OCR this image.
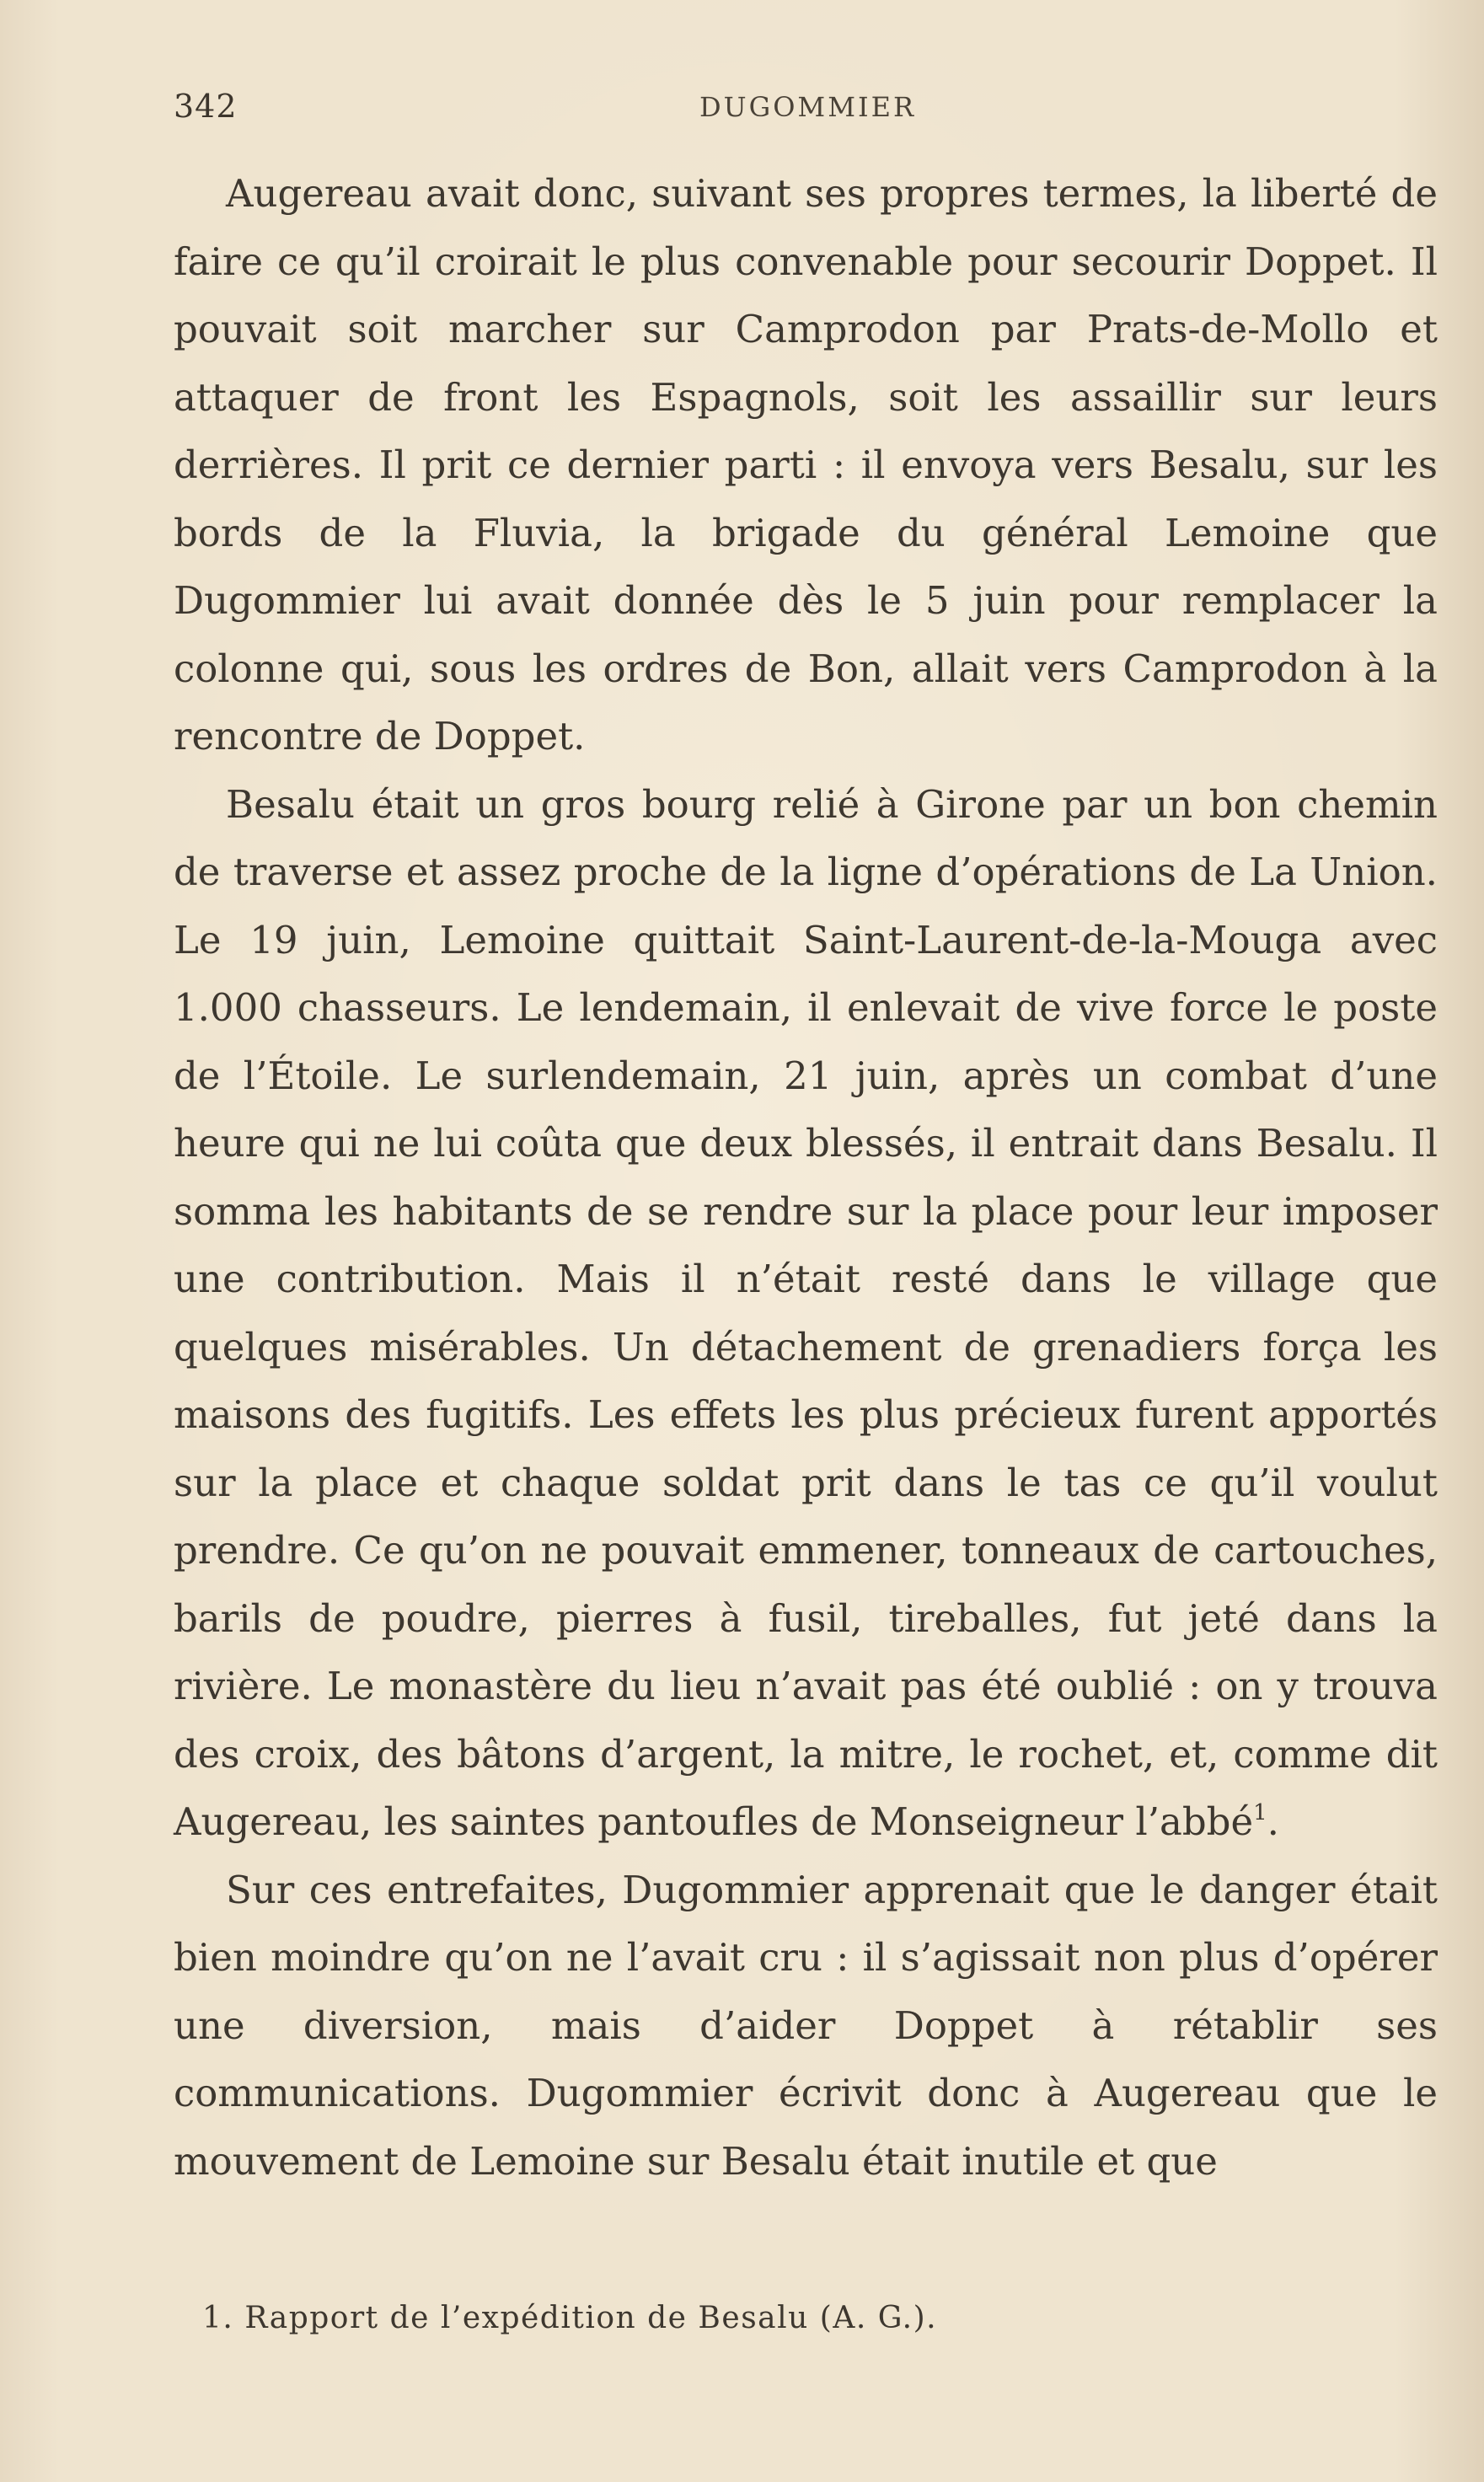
342	DUGOMMIER

Augereau avait donc, suivant ses propres termes, la liberté de faire ce qu’il croirait le plus convenable pour secourir Doppet. Il pouvait soit marcher sur Camprodon par Prats-de-Mollo et attaquer de front les Espagnols, soit les assaillir sur leurs derrières. Il prit ce dernier parti : il envoya vers Besalu, sur les bords de la Fluvia, la brigade du général Lemoine que Dugommier lui avait donnée dès le 5 juin pour remplacer la colonne qui, sous les ordres de Bon, allait vers Camprodon à la rencontre de Doppet.

Besalu était un gros bourg relié à Girone par un bon chemin de traverse et assez proche de la ligne d’opérations de La Union. Le 19 juin, Lemoine quittait Saint-Laurent-de-la-Mouga avec 1.000 chasseurs. Le lendemain, il enlevait de vive force le poste de l’Étoile. Le surlendemain, 21 juin, après un combat d’une heure qui ne lui coûta que deux blessés, il entrait dans Besalu. Il somma les habitants de se rendre sur la place pour leur imposer une contribution. Mais il n’était resté dans le village que quelques misérables. Un détachement de grenadiers força les maisons des fugitifs. Les effets les plus précieux furent apportés sur la place et chaque soldat prit dans le tas ce qu’il voulut prendre. Ce qu’on ne pouvait emmener, tonneaux de cartouches, barils de poudre, pierres à fusil, tireballes, fut jeté dans la rivière. Le monastère du lieu n’avait pas été oublié : on y trouva des croix, des bâtons d’argent, la mitre, le rochet, et, comme dit Augereau, les saintes pantoufles de Monseigneur l’abbé$^1$.

Sur ces entrefaites, Dugommier apprenait que le danger était bien moindre qu’on ne l’avait cru : il s’agissait non plus d’opérer une diversion, mais d’aider Doppet à rétablir ses communications. Dugommier écrivit donc à Augereau que le mouvement de Lemoine sur Besalu était inutile et que

1. Rapport de l’expédition de Besalu (A. G.).
